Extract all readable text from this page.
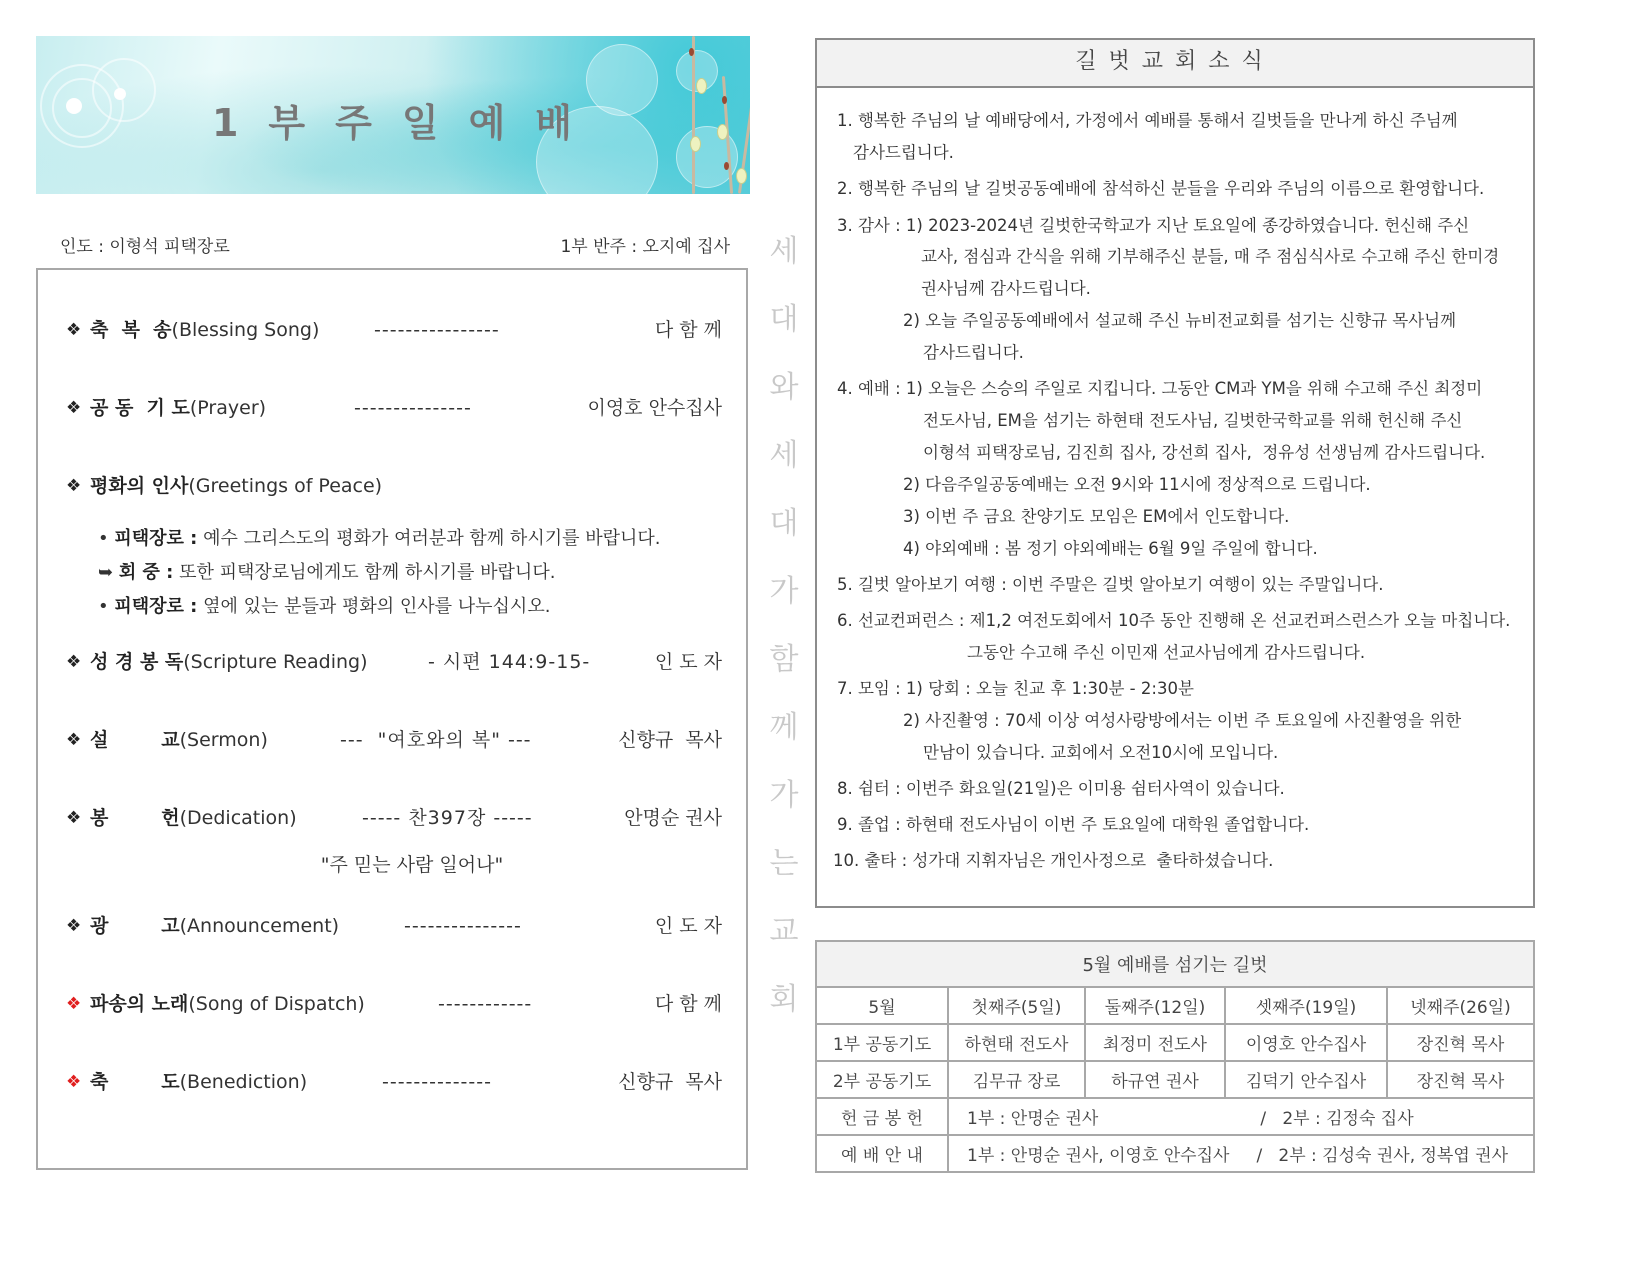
1 부 주 일 예 배
인도 : 이형석 피택장로	1부 반주 : 오지예 집사
❖ 축  복  송(Blessing Song)	----------------	다 함 께
❖ 공 동  기 도(Prayer)	---------------	이영호 안수집사
❖ 평화의 인사(Greetings of Peace)
• 피택장로 : 예수 그리스도의 평화가 여러분과 함께 하시기를 바랍니다.
➥ 회 중 : 또한 피택장로님에게도 함께 하시기를 바랍니다.
• 피택장로 : 옆에 있는 분들과 평화의 인사를 나누십시오.
❖ 성 경 봉 독(Scripture Reading)	- 시편 144:9-15-	인 도 자
❖ 설        교(Sermon)	---  "여호와의 복" ---	신향규  목사
❖ 봉        헌(Dedication)	----- 찬397장 -----	안명순 권사
"주 믿는 사람 일어나"
❖ 광        고(Announcement)	---------------	인 도 자
❖ 파송의 노래(Song of Dispatch)	------------	다 함 께
❖ 축        도(Benediction)	--------------	신향규  목사
세
대
와
세
대
가
함
께
가
는
교
회
길벗교회소식
1. 행복한 주님의 날 예배당에서, 가정에서 예배를 통해서 길벗들을 만나게 하신 주님께
감사드립니다.
2. 행복한 주님의 날 길벗공동예배에 참석하신 분들을 우리와 주님의 이름으로 환영합니다.
3. 감사 : 1) 2023-2024년 길벗한국학교가 지난 토요일에 종강하였습니다. 헌신해 주신
교사, 점심과 간식을 위해 기부해주신 분들, 매 주 점심식사로 수고해 주신 한미경
권사님께 감사드립니다.
2) 오늘 주일공동예배에서 설교해 주신 뉴비전교회를 섬기는 신향규 목사님께
감사드립니다.
4. 예배 : 1) 오늘은 스승의 주일로 지킵니다. 그동안 CM과 YM을 위해 수고해 주신 최정미
전도사님, EM을 섬기는 하현태 전도사님, 길벗한국학교를 위해 헌신해 주신
이형석 피택장로님, 김진희 집사, 강선희 집사,  정유성 선생님께 감사드립니다.
2) 다음주일공동예배는 오전 9시와 11시에 정상적으로 드립니다.
3) 이번 주 금요 찬양기도 모임은 EM에서 인도합니다.
4) 야외예배 : 봄 정기 야외예배는 6월 9일 주일에 합니다.
5. 길벗 알아보기 여행 : 이번 주말은 길벗 알아보기 여행이 있는 주말입니다.
6. 선교컨퍼런스 : 제1,2 여전도회에서 10주 동안 진행해 온 선교컨퍼스런스가 오늘 마칩니다.
그동안 수고해 주신 이민재 선교사님에게 감사드립니다.
7. 모임 : 1) 당회 : 오늘 친교 후 1:30분 - 2:30분
2) 사진촬영 : 70세 이상 여성사랑방에서는 이번 주 토요일에 사진촬영을 위한
만남이 있습니다. 교회에서 오전10시에 모입니다.
8. 쉼터 : 이번주 화요일(21일)은 이미용 쉼터사역이 있습니다.
9. 졸업 : 하현태 전도사님이 이번 주 토요일에 대학원 졸업합니다.
10. 출타 : 성가대 지휘자님은 개인사정으로  출타하셨습니다.
5월 예배를 섬기는 길벗				
5월	첫째주(5일)	둘째주(12일)	셋째주(19일)	넷째주(26일)
1부 공동기도	하현태 전도사	최정미 전도사	이영호 안수집사	장진혁 목사
2부 공동기도	김무규 장로	하규연 권사	김덕기 안수집사	장진혁 목사
헌 금 봉 헌	1부 : 안명순 권사                              /   2부 : 김정숙 집사			
예 배 안 내	1부 : 안명순 권사, 이영호 안수집사     /   2부 : 김성숙 권사, 정복엽 권사			
